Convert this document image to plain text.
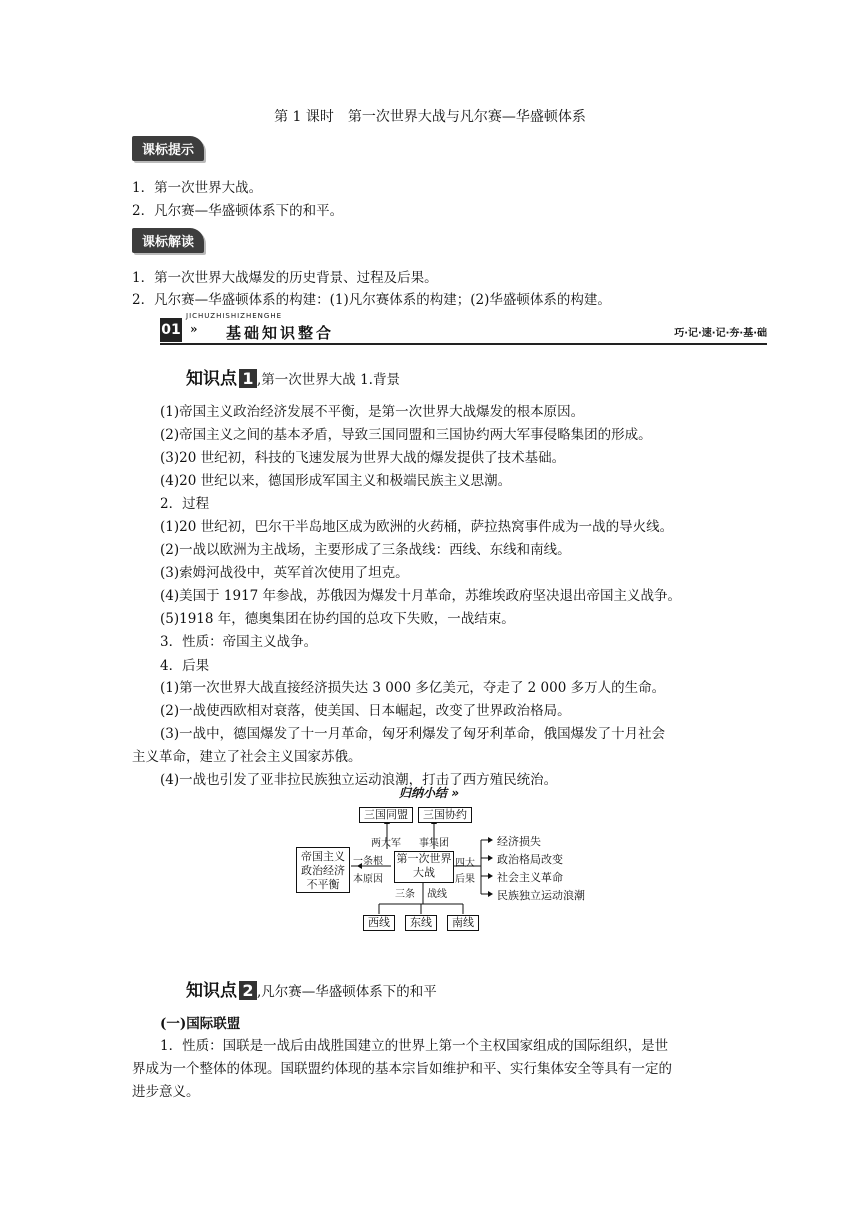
第 1 课时　第一次世界大战与凡尔赛—华盛顿体系
课标提示
1．第一次世界大战。
2．凡尔赛—华盛顿体系下的和平。
课标解读
1．第一次世界大战爆发的历史背景、过程及后果。
2．凡尔赛—华盛顿体系的构建：(1)凡尔赛体系的构建；(2)华盛顿体系的构建。
JICHUZHISHIZHENGHE
01 » 基础知识整合	巧·记·速·记·夯·基·础
知识点 1 ,第一次世界大战 1.背景
(1)帝国主义政治经济发展不平衡，是第一次世界大战爆发的根本原因。
(2)帝国主义之间的基本矛盾，导致三国同盟和三国协约两大军事侵略集团的形成。
(3)20 世纪初，科技的飞速发展为世界大战的爆发提供了技术基础。
(4)20 世纪以来，德国形成军国主义和极端民族主义思潮。
2．过程
(1)20 世纪初，巴尔干半岛地区成为欧洲的火药桶，萨拉热窝事件成为一战的导火线。
(2)一战以欧洲为主战场，主要形成了三条战线：西线、东线和南线。
(3)索姆河战役中，英军首次使用了坦克。
(4)美国于 1917 年参战，苏俄因为爆发十月革命，苏维埃政府坚决退出帝国主义战争。
(5)1918 年，德奥集团在协约国的总攻下失败，一战结束。
3．性质：帝国主义战争。
4．后果
(1)第一次世界大战直接经济损失达 3 000 多亿美元，夺走了 2 000 多万人的生命。
(2)一战使西欧相对衰落，使美国、日本崛起，改变了世界政治格局。
(3)一战中，德国爆发了十一月革命，匈牙利爆发了匈牙利革命，俄国爆发了十月社会
主义革命，建立了社会主义国家苏俄。
(4)一战也引发了亚非拉民族独立运动浪潮，打击了西方殖民统治。
归纳小结 »
三国同盟	三国协约
两大军 事集团
帝国主义政治经济不平衡
一条根
本原因
第一次世界大战
四大
后果
经济损失
政治格局改变
社会主义革命
民族独立运动浪潮
三条 战线
西线	东线	南线
知识点 2 ,凡尔赛—华盛顿体系下的和平
(一)国际联盟
1．性质：国联是一战后由战胜国建立的世界上第一个主权国家组成的国际组织，是世
界成为一个整体的体现。国联盟约体现的基本宗旨如维护和平、实行集体安全等具有一定的
进步意义。
